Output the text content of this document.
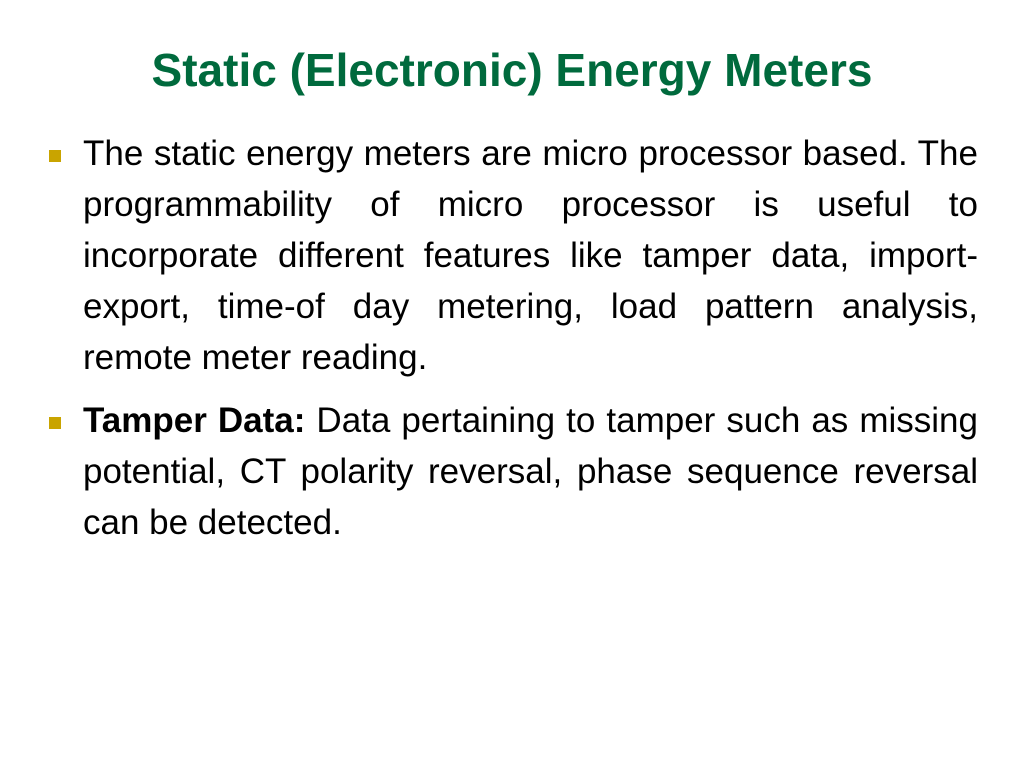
Static (Electronic) Energy Meters
The static energy meters are micro processor based. The programmability of micro processor is useful to incorporate different features like tamper data, import-export, time-of day metering, load pattern analysis, remote meter reading.
Tamper Data: Data pertaining to tamper such as missing potential, CT polarity reversal, phase sequence reversal can be detected.
